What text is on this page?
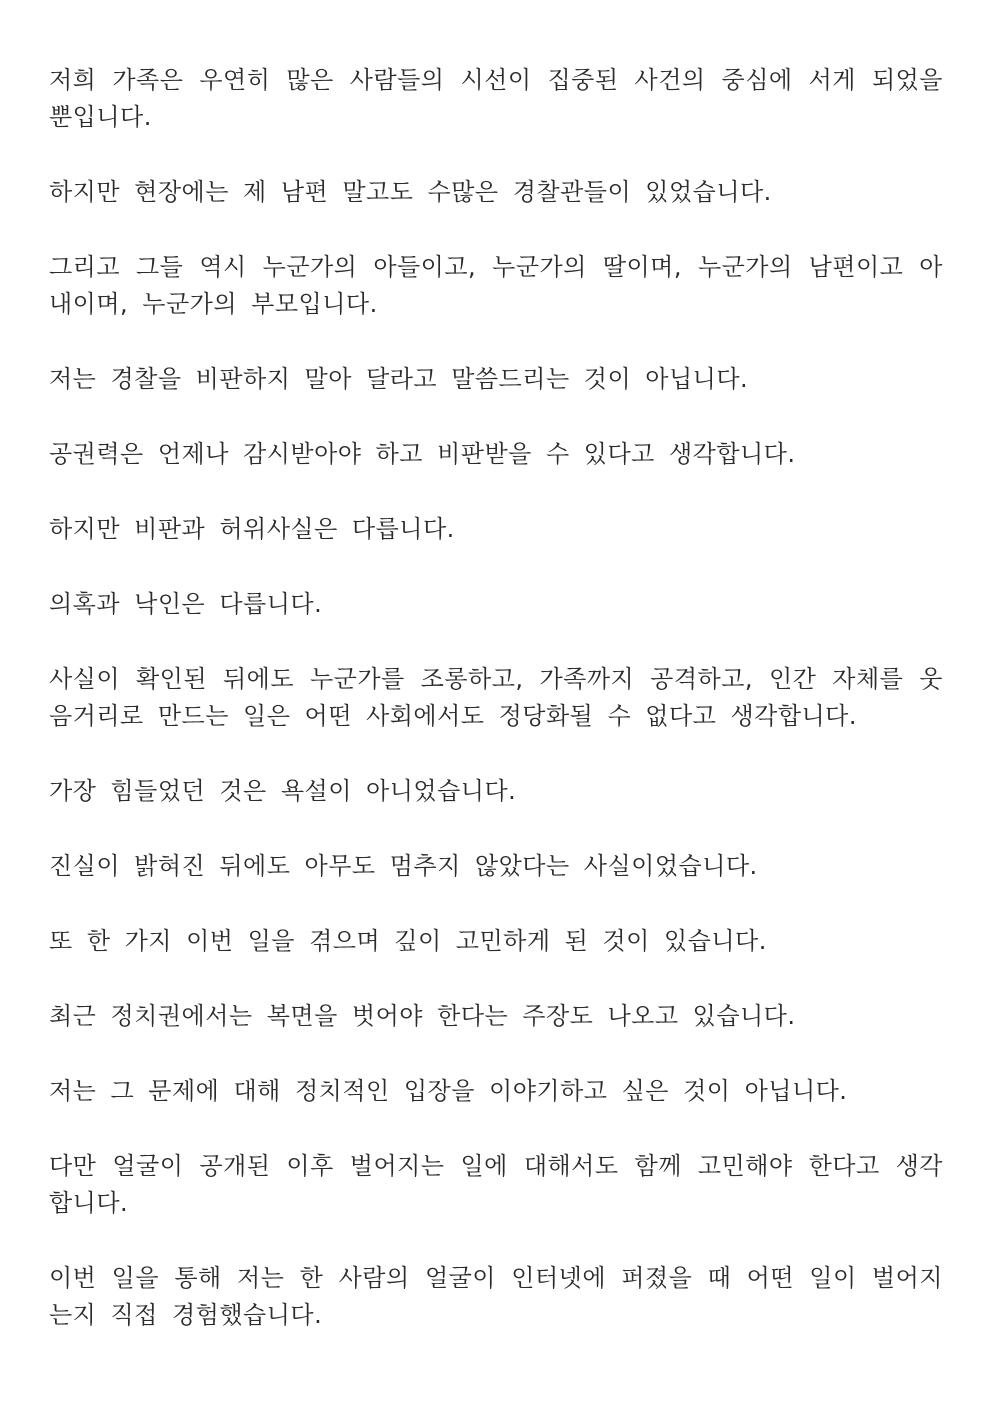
저희 가족은 우연히 많은 사람들의 시선이 집중된 사건의 중심에 서게 되었을 뿐입니다.

하지만 현장에는 제 남편 말고도 수많은 경찰관들이 있었습니다.

그리고 그들 역시 누군가의 아들이고, 누군가의 딸이며, 누군가의 남편이고 아내이며, 누군가의 부모입니다.

저는 경찰을 비판하지 말아 달라고 말씀드리는 것이 아닙니다.

공권력은 언제나 감시받아야 하고 비판받을 수 있다고 생각합니다.

하지만 비판과 허위사실은 다릅니다.

의혹과 낙인은 다릅니다.

사실이 확인된 뒤에도 누군가를 조롱하고, 가족까지 공격하고, 인간 자체를 웃음거리로 만드는 일은 어떤 사회에서도 정당화될 수 없다고 생각합니다.

가장 힘들었던 것은 욕설이 아니었습니다.

진실이 밝혀진 뒤에도 아무도 멈추지 않았다는 사실이었습니다.

또 한 가지 이번 일을 겪으며 깊이 고민하게 된 것이 있습니다.

최근 정치권에서는 복면을 벗어야 한다는 주장도 나오고 있습니다.

저는 그 문제에 대해 정치적인 입장을 이야기하고 싶은 것이 아닙니다.

다만 얼굴이 공개된 이후 벌어지는 일에 대해서도 함께 고민해야 한다고 생각합니다.

이번 일을 통해 저는 한 사람의 얼굴이 인터넷에 퍼졌을 때 어떤 일이 벌어지는지 직접 경험했습니다.
